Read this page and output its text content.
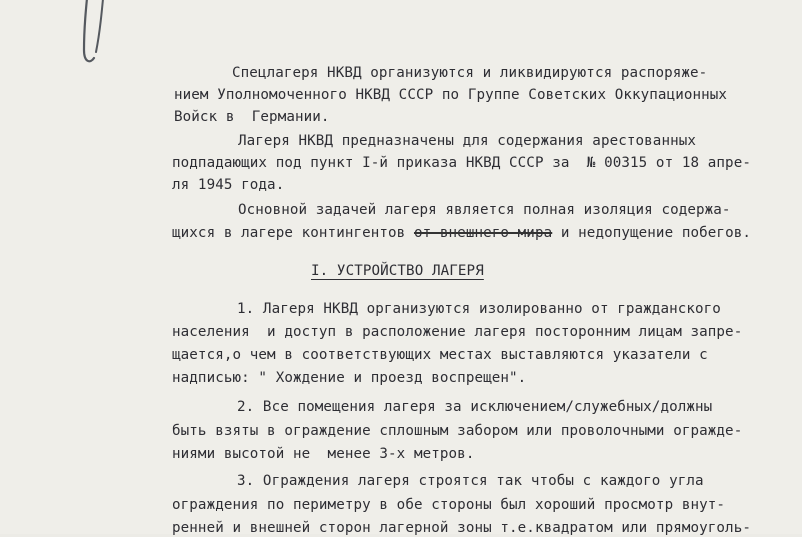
Спецлагеря НКВД организуются и ликвидируются распоряже-
нием Уполномоченного НКВД СССР по Группе Советских Оккупационных
Войск в  Германии.
Лагеря НКВД предназначены для содержания арестованных
подпадающих под пункт I-й приказа НКВД СССР за  № 00315 от 18 апре-
ля 1945 года.
Основной задачей лагеря является полная изоляция содержа-
щихся в лагере контингентов от внешнего мира и недопущение побегов.
I. УСТРОЙСТВО ЛАГЕРЯ
1. Лагеря НКВД организуются изолированно от гражданского
населения  и доступ в расположение лагеря посторонним лицам запре-
щается,о чем в соответствующих местах выставляются указатели с
надписью: " Хождение и проезд воспрещен".
2. Все помещения лагеря за исключением/служебных/должны
быть взяты в ограждение сплошным забором или проволочными огражде-
ниями высотой не  менее 3-х метров.
3. Ограждения лагеря строятся так чтобы с каждого угла
ограждения по периметру в обе стороны был хороший просмотр внут-
ренней и внешней сторон лагерной зоны т.е.квадратом или прямоуголь-
